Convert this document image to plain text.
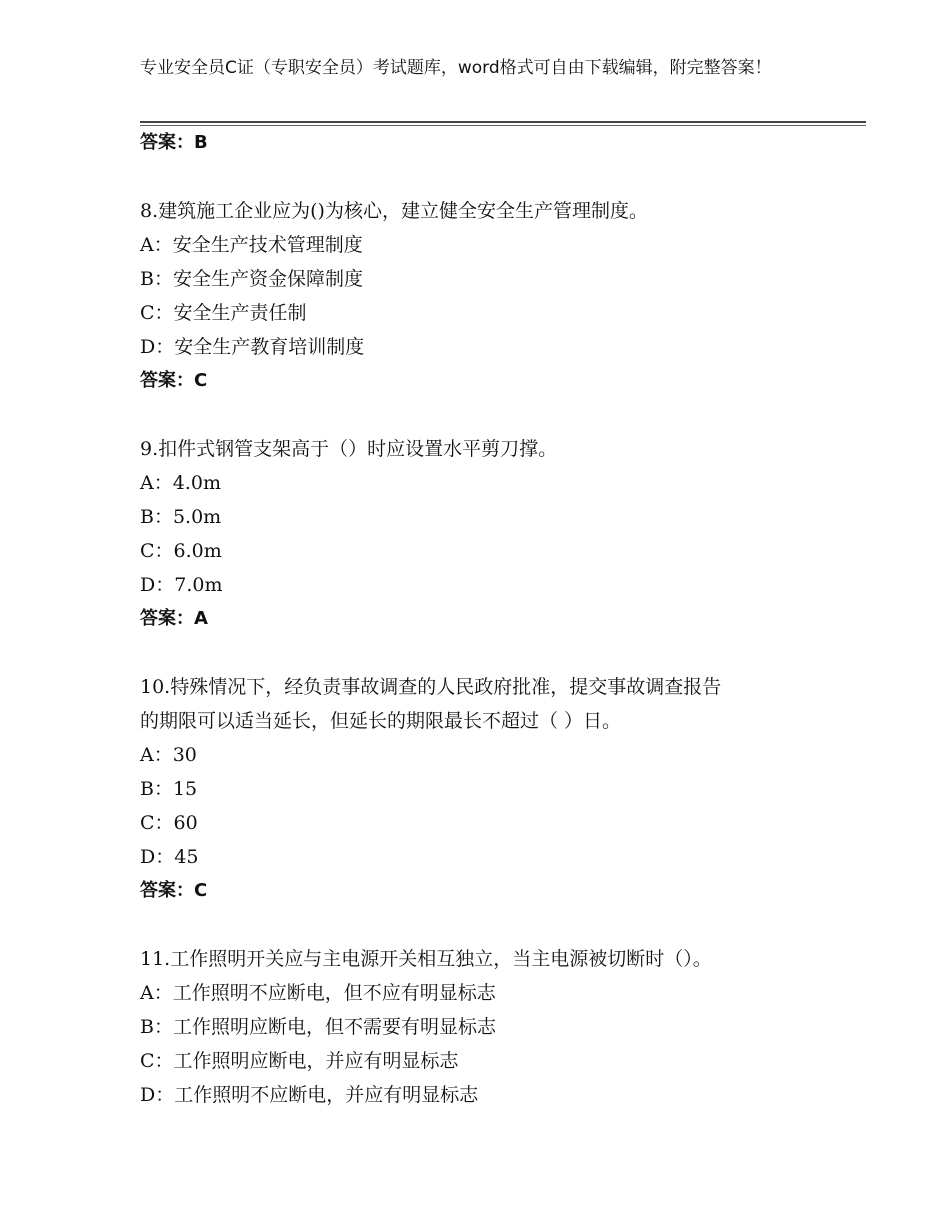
专业安全员C证（专职安全员）考试题库，word格式可自由下载编辑，附完整答案！
答案：B
8.建筑施工企业应为()为核心，建立健全安全生产管理制度。
A：安全生产技术管理制度
B：安全生产资金保障制度
C：安全生产责任制
D：安全生产教育培训制度
答案：C
9.扣件式钢管支架高于（）时应设置水平剪刀撑。
A：4.0m
B：5.0m
C：6.0m
D：7.0m
答案：A
10.特殊情况下，经负责事故调查的人民政府批准，提交事故调查报告
的期限可以适当延长，但延长的期限最长不超过（ ）日。
A：30
B：15
C：60
D：45
答案：C
11.工作照明开关应与主电源开关相互独立，当主电源被切断时（）。
A：工作照明不应断电，但不应有明显标志
B：工作照明应断电，但不需要有明显标志
C：工作照明应断电，并应有明显标志
D：工作照明不应断电，并应有明显标志
